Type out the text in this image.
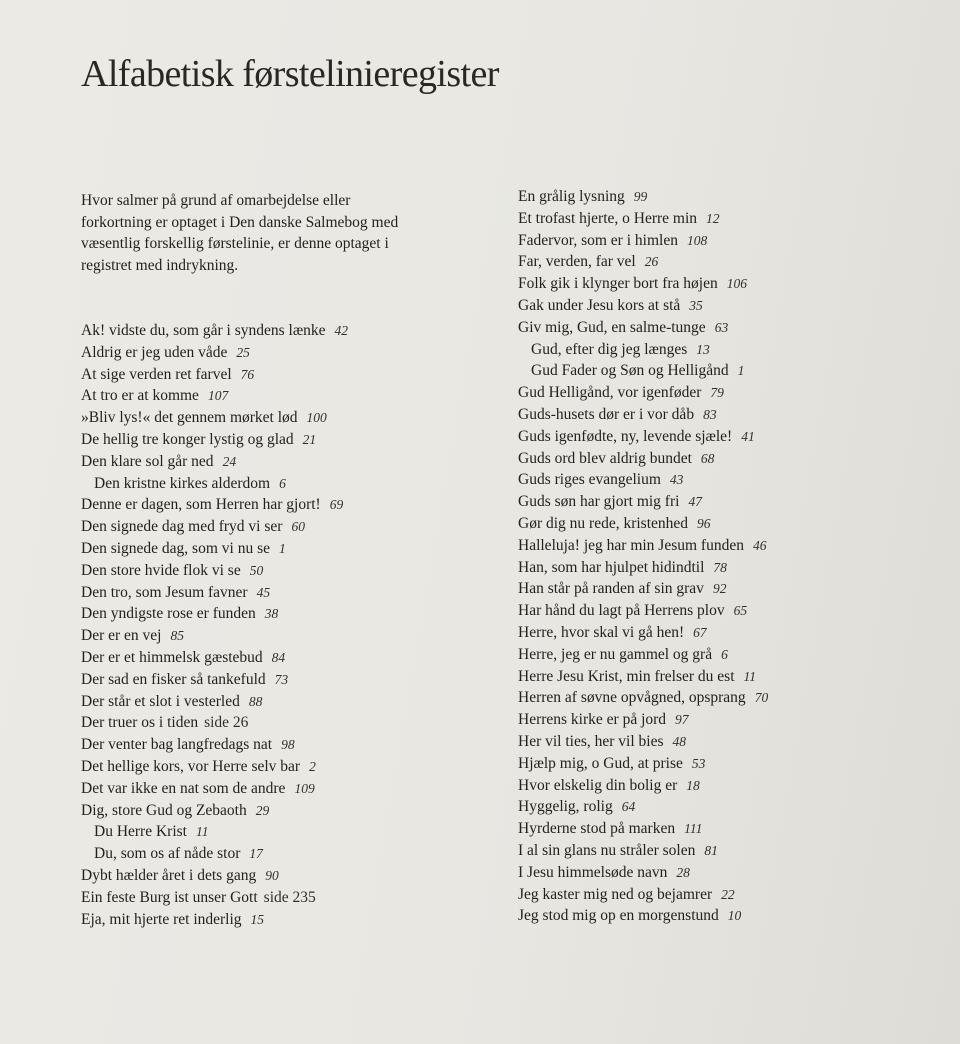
Alfabetisk førstelinieregister

Hvor salmer på grund af omarbejdelse eller forkortning er optaget i Den danske Salmebog med væsentlig forskellig førstelinie, er denne optaget i registret med indrykning.

Ak! vidste du, som går i syndens lænke 42
Aldrig er jeg uden våde 25
At sige verden ret farvel 76
At tro er at komme 107
»Bliv lys!« det gennem mørket lød 100
De hellig tre konger lystig og glad 21
Den klare sol går ned 24
Den kristne kirkes alderdom 6
Denne er dagen, som Herren har gjort! 69
Den signede dag med fryd vi ser 60
Den signede dag, som vi nu se 1
Den store hvide flok vi se 50
Den tro, som Jesum favner 45
Den yndigste rose er funden 38
Der er en vej 85
Der er et himmelsk gæstebud 84
Der sad en fisker så tankefuld 73
Der står et slot i vesterled 88
Der truer os i tiden side 26
Der venter bag langfredags nat 98
Det hellige kors, vor Herre selv bar 2
Det var ikke en nat som de andre 109
Dig, store Gud og Zebaoth 29
Du Herre Krist 11
Du, som os af nåde stor 17
Dybt hælder året i dets gang 90
Ein feste Burg ist unser Gott side 235
Eja, mit hjerte ret inderlig 15
En grålig lysning 99
Et trofast hjerte, o Herre min 12
Fadervor, som er i himlen 108
Far, verden, far vel 26
Folk gik i klynger bort fra højen 106
Gak under Jesu kors at stå 35
Giv mig, Gud, en salme-tunge 63
Gud, efter dig jeg længes 13
Gud Fader og Søn og Helligånd 1
Gud Helligånd, vor igenføder 79
Guds-husets dør er i vor dåb 83
Guds igenfødte, ny, levende sjæle! 41
Guds ord blev aldrig bundet 68
Guds riges evangelium 43
Guds søn har gjort mig fri 47
Gør dig nu rede, kristenhed 96
Halleluja! jeg har min Jesum funden 46
Han, som har hjulpet hidindtil 78
Han står på randen af sin grav 92
Har hånd du lagt på Herrens plov 65
Herre, hvor skal vi gå hen! 67
Herre, jeg er nu gammel og grå 6
Herre Jesu Krist, min frelser du est 11
Herren af søvne opvågned, opsprang 70
Herrens kirke er på jord 97
Her vil ties, her vil bies 48
Hjælp mig, o Gud, at prise 53
Hvor elskelig din bolig er 18
Hyggelig, rolig 64
Hyrderne stod på marken 111
I al sin glans nu stråler solen 81
I Jesu himmelsøde navn 28
Jeg kaster mig ned og bejamrer 22
Jeg stod mig op en morgenstund 10
